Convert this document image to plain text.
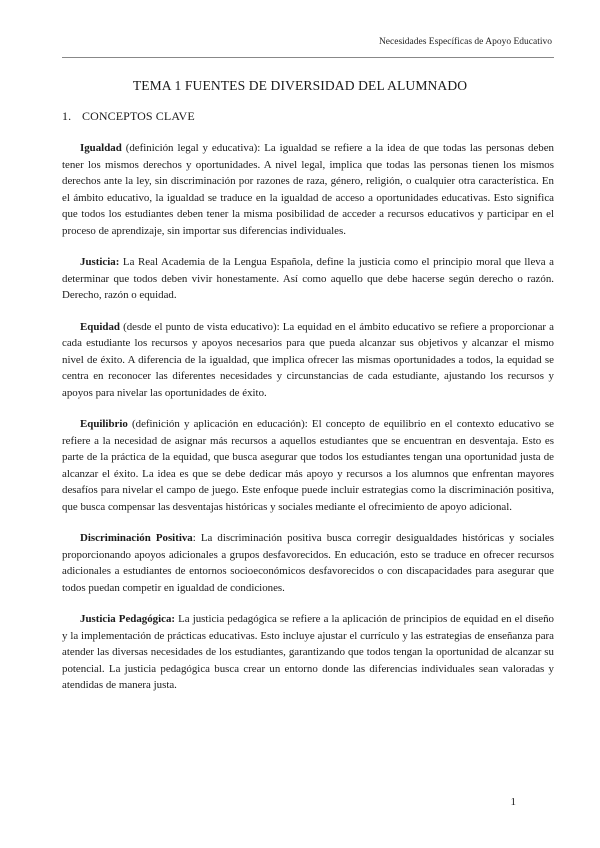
Necesidades Específicas de Apoyo Educativo
TEMA 1 FUENTES DE DIVERSIDAD DEL ALUMNADO
1. CONCEPTOS CLAVE

Igualdad (definición legal y educativa): La igualdad se refiere a la idea de que todas las personas deben tener los mismos derechos y oportunidades. A nivel legal, implica que todas las personas tienen los mismos derechos ante la ley, sin discriminación por razones de raza, género, religión, o cualquier otra característica. En el ámbito educativo, la igualdad se traduce en la igualdad de acceso a oportunidades educativas. Esto significa que todos los estudiantes deben tener la misma posibilidad de acceder a recursos educativos y participar en el proceso de aprendizaje, sin importar sus diferencias individuales.

Justicia: La Real Academia de la Lengua Española, define la justicia como el principio moral que lleva a determinar que todos deben vivir honestamente. Así como aquello que debe hacerse según derecho o razón. Derecho, razón o equidad.

Equidad (desde el punto de vista educativo): La equidad en el ámbito educativo se refiere a proporcionar a cada estudiante los recursos y apoyos necesarios para que pueda alcanzar sus objetivos y alcanzar el mismo nivel de éxito. A diferencia de la igualdad, que implica ofrecer las mismas oportunidades a todos, la equidad se centra en reconocer las diferentes necesidades y circunstancias de cada estudiante, ajustando los recursos y apoyos para nivelar las oportunidades de éxito.

Equilibrio (definición y aplicación en educación): El concepto de equilibrio en el contexto educativo se refiere a la necesidad de asignar más recursos a aquellos estudiantes que se encuentran en desventaja. Esto es parte de la práctica de la equidad, que busca asegurar que todos los estudiantes tengan una oportunidad justa de alcanzar el éxito. La idea es que se debe dedicar más apoyo y recursos a los alumnos que enfrentan mayores desafíos para nivelar el campo de juego. Este enfoque puede incluir estrategias como la discriminación positiva, que busca compensar las desventajas históricas y sociales mediante el ofrecimiento de apoyo adicional.

Discriminación Positiva: La discriminación positiva busca corregir desigualdades históricas y sociales proporcionando apoyos adicionales a grupos desfavorecidos. En educación, esto se traduce en ofrecer recursos adicionales a estudiantes de entornos socioeconómicos desfavorecidos o con discapacidades para asegurar que todos puedan competir en igualdad de condiciones.

Justicia Pedagógica: La justicia pedagógica se refiere a la aplicación de principios de equidad en el diseño y la implementación de prácticas educativas. Esto incluye ajustar el currículo y las estrategias de enseñanza para atender las diversas necesidades de los estudiantes, garantizando que todos tengan la oportunidad de alcanzar su potencial. La justicia pedagógica busca crear un entorno donde las diferencias individuales sean valoradas y atendidas de manera justa.

1
